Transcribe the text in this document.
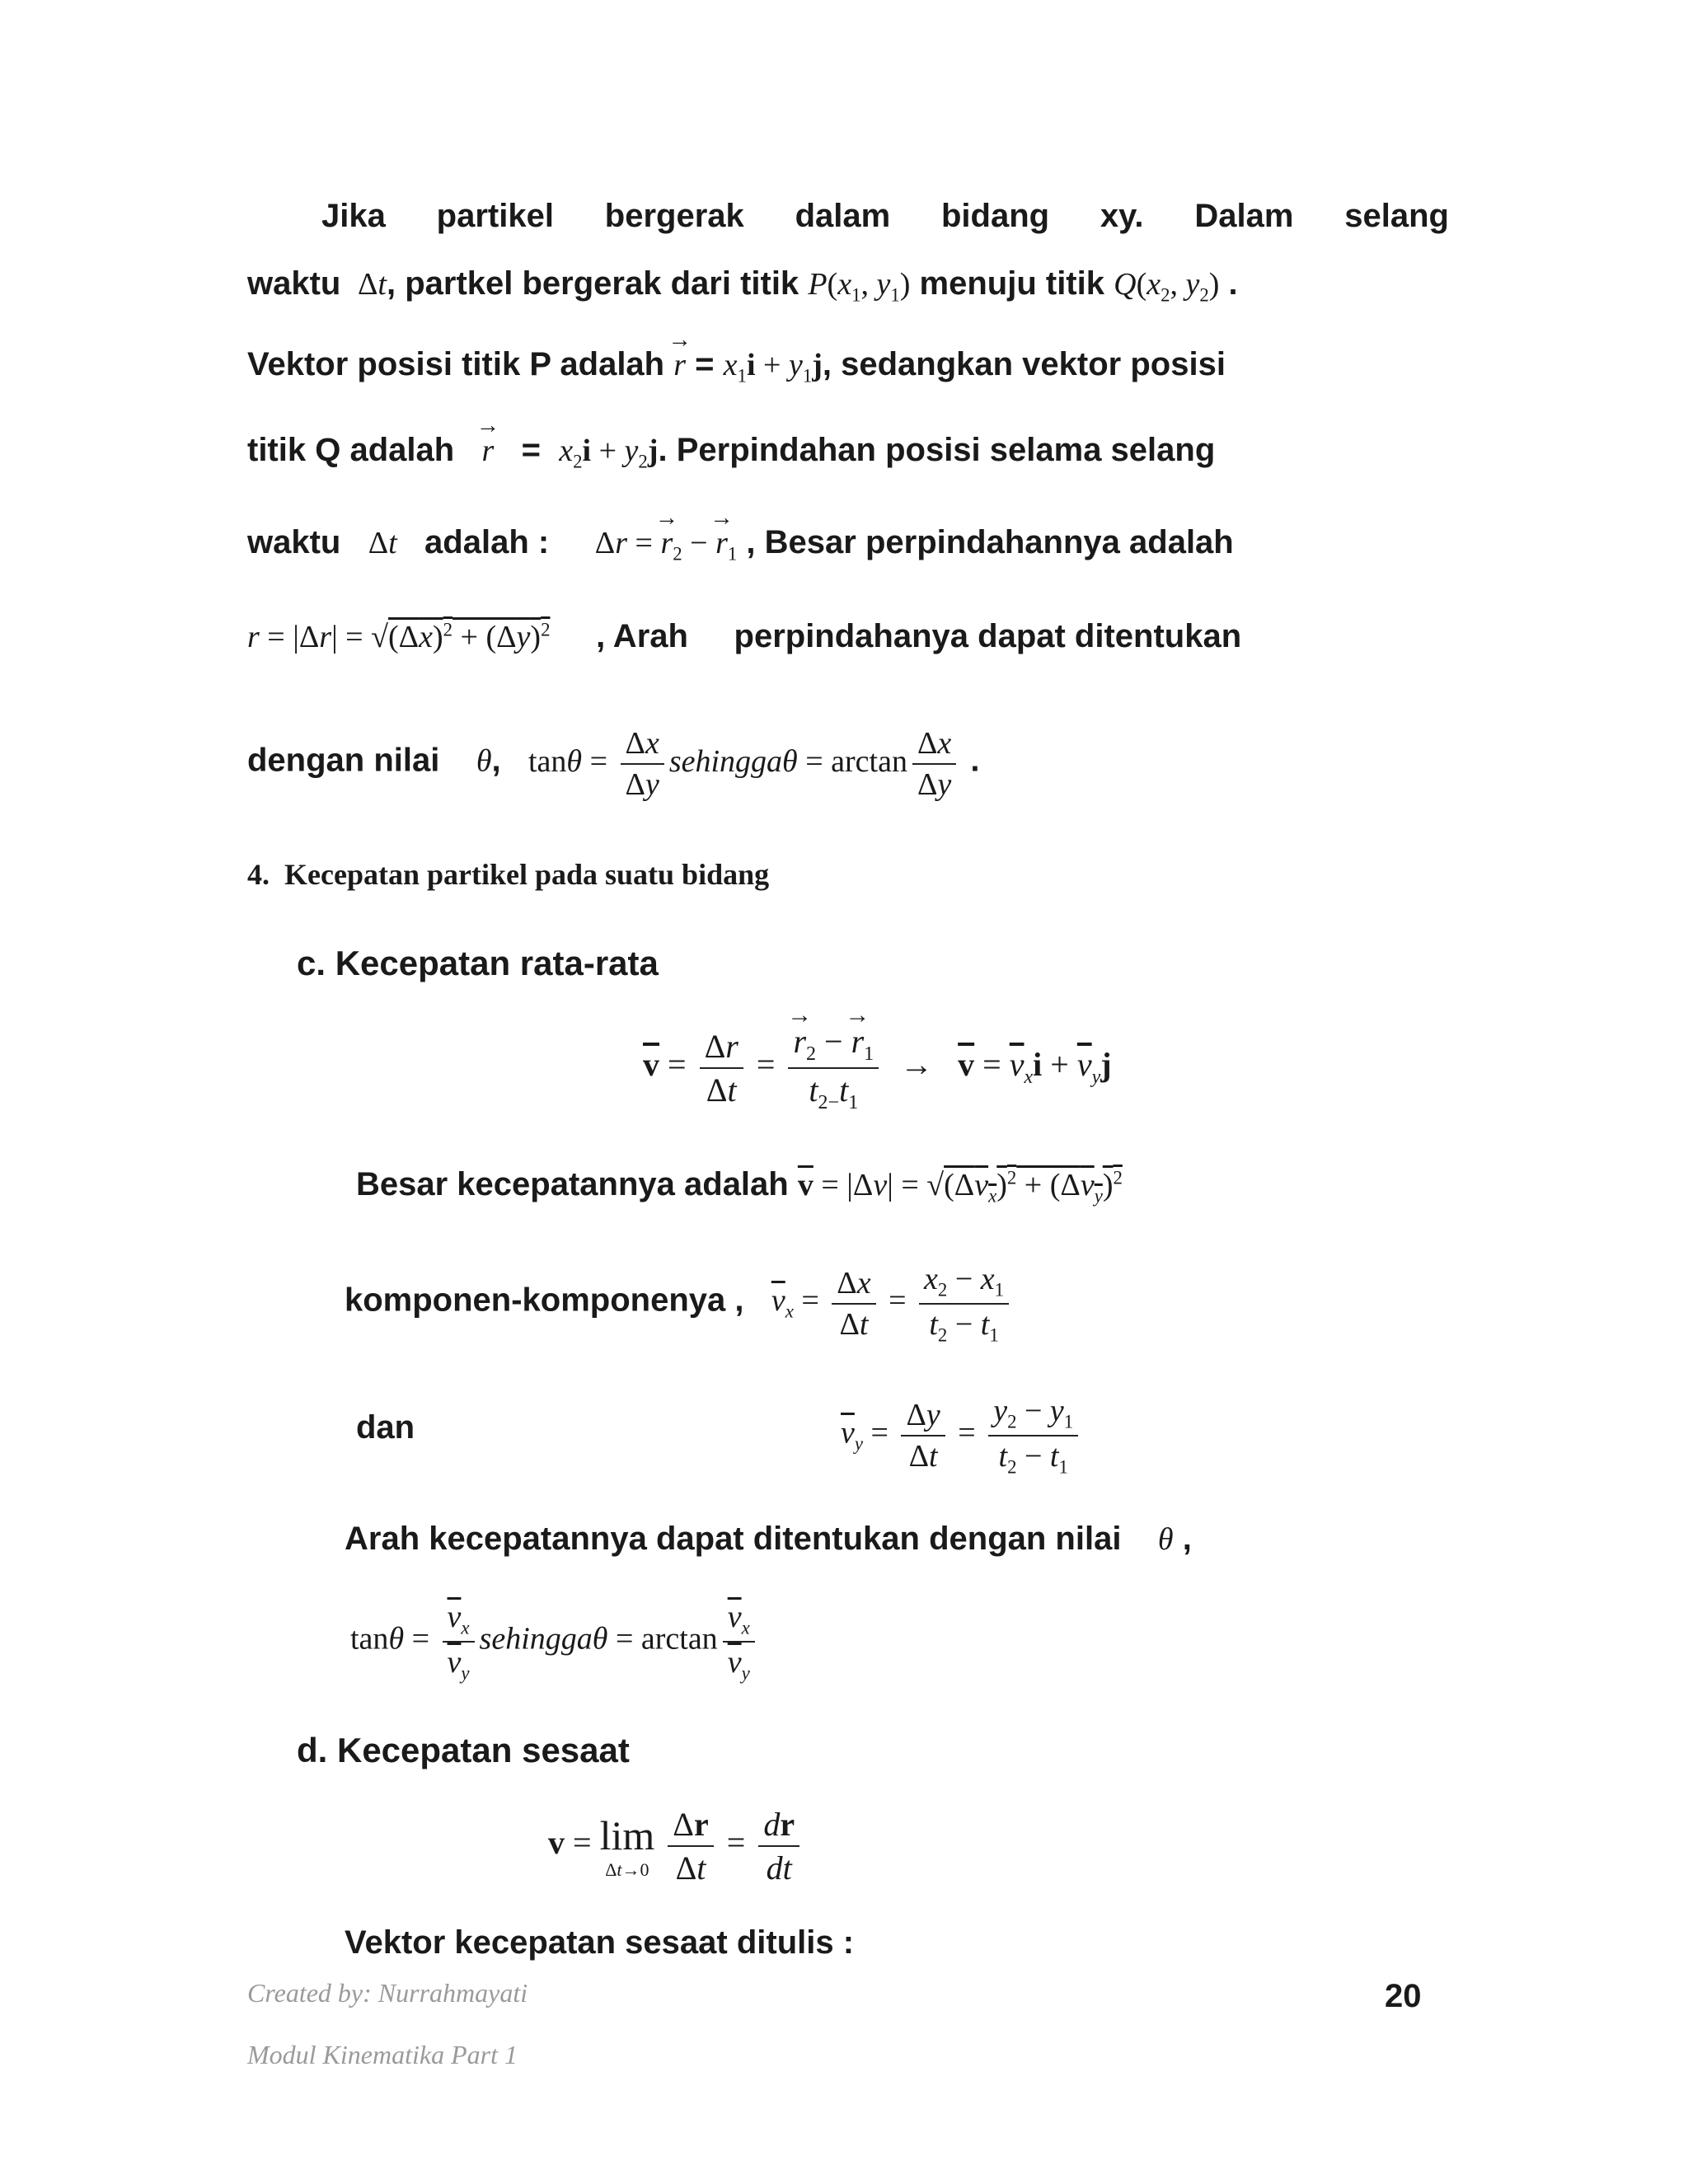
Jika partikel bergerak dalam bidang xy. Dalam selang
waktu  Δt, partkel bergerak dari titik $P(x_1$, $y_1$) menuju titik $Q(x_2$, $y_2$) .
Vektor posisi titik P adalah → $r = x_1i + y_1j$, sedangkan vektor posisi
titik Q adalah → $r = x_2i + y_2j$. Perpindahan posisi selama selang
waktu Δt adalah : Δr = → $r_2$ − → $r_1$ , Besar perpindahannya adalah
$r = |\Delta r| = √(\Delta x)^2 + (\Delta y)^2$ , Arah perpindahanya dapat ditentukan
dengan nilai θ, $\tan\theta = \frac{\Delta x}{\Delta y}$ sehinggaθ = $\arctan \frac{\Delta x}{\Delta y}$ .
4. Kecepatan partikel pada suatu bidang
c. Kecepatan rata-rata
$\overline{v} = \frac{\Delta r}{\Delta t}$ = → $\frac{r_2 - \to r_1}{t_{2-}t_1} \to \overline{v} = \overline{v}_xi + \overline{v}_yj$
Besar kecepatannya adalah $\overline{v} = |\Delta v| = √(\Delta v_x)^2 + (\Delta v_y)^2$
komponen-komponenya , $\overline{v}_x = \frac{\Delta x}{\Delta t} = \frac{x_2 - x_1}{t_2 - t_1}$
dan	$\overline{v}_y = \frac{\Delta y}{\Delta t} = \frac{y_2 - y_1}{t_2 - t_1}$
Arah kecepatannya dapat ditentukan dengan nilai θ ,
$\tan\theta = \frac{\overline{v}_x}{\overline{v}_y}$ sehinggaθ = $\arctan \frac{\overline{v}_x}{\overline{v}_y}$
d. Kecepatan sesaat
v = lim
Δt→0
$\frac{\Delta r}{\Delta t} = \frac{dr}{dt}$
Vektor kecepatan sesaat ditulis :
Created by: Nurrahmayati	20
Modul Kinematika Part 1
